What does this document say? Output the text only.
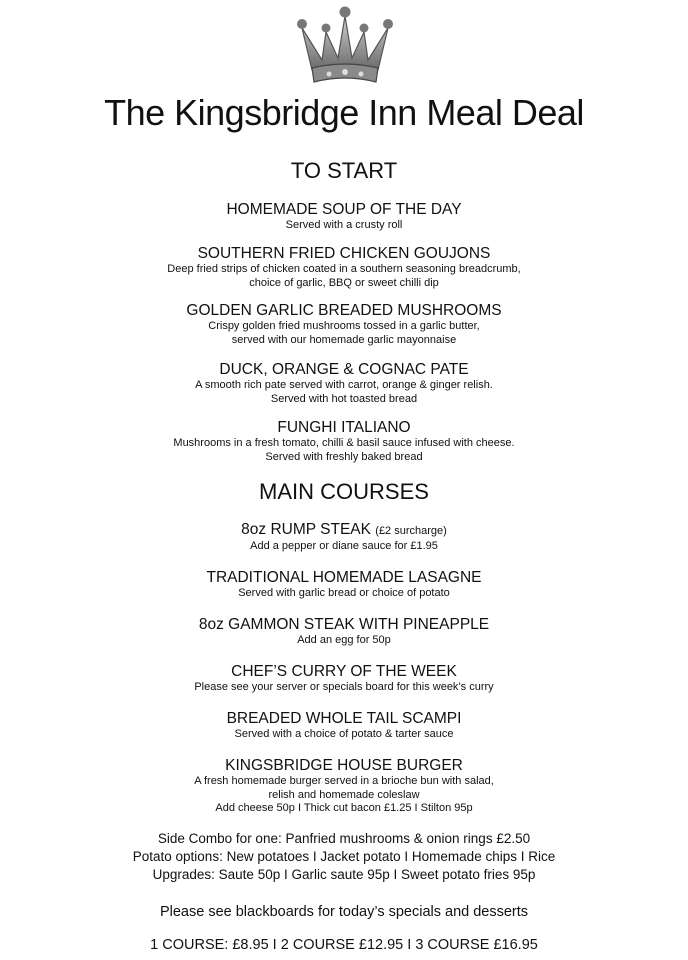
The Kingsbridge Inn Meal Deal
TO START
HOMEMADE SOUP OF THE DAY
Served with a crusty roll
SOUTHERN FRIED CHICKEN GOUJONS
Deep fried strips of chicken coated in a southern seasoning breadcrumb,
choice of garlic, BBQ or sweet chilli dip
GOLDEN GARLIC BREADED MUSHROOMS
Crispy golden fried mushrooms tossed in a garlic butter,
served with our homemade garlic mayonnaise
DUCK, ORANGE & COGNAC PATE
A smooth rich pate served with carrot, orange & ginger relish.
Served with hot toasted bread
FUNGHI ITALIANO
Mushrooms in a fresh tomato, chilli & basil sauce infused with cheese.
Served with freshly baked bread
MAIN COURSES
8oz RUMP STEAK (£2 surcharge)
Add a pepper or diane sauce for £1.95
TRADITIONAL HOMEMADE LASAGNE
Served with garlic bread or choice of potato
8oz GAMMON STEAK WITH PINEAPPLE
Add an egg for 50p
CHEF’S CURRY OF THE WEEK
Please see your server or specials board for this week’s curry
BREADED WHOLE TAIL SCAMPI
Served with a choice of potato & tarter sauce
KINGSBRIDGE HOUSE BURGER
A fresh homemade burger served in a brioche bun with salad,
relish and homemade coleslaw
Add cheese 50p I Thick cut bacon £1.25 I Stilton 95p
Side Combo for one: Panfried mushrooms & onion rings £2.50
Potato options: New potatoes I Jacket potato I Homemade chips I Rice
Upgrades: Saute 50p I Garlic saute 95p I Sweet potato fries 95p
Please see blackboards for today’s specials and desserts
1 COURSE: £8.95 I 2 COURSE £12.95 I 3 COURSE £16.95
